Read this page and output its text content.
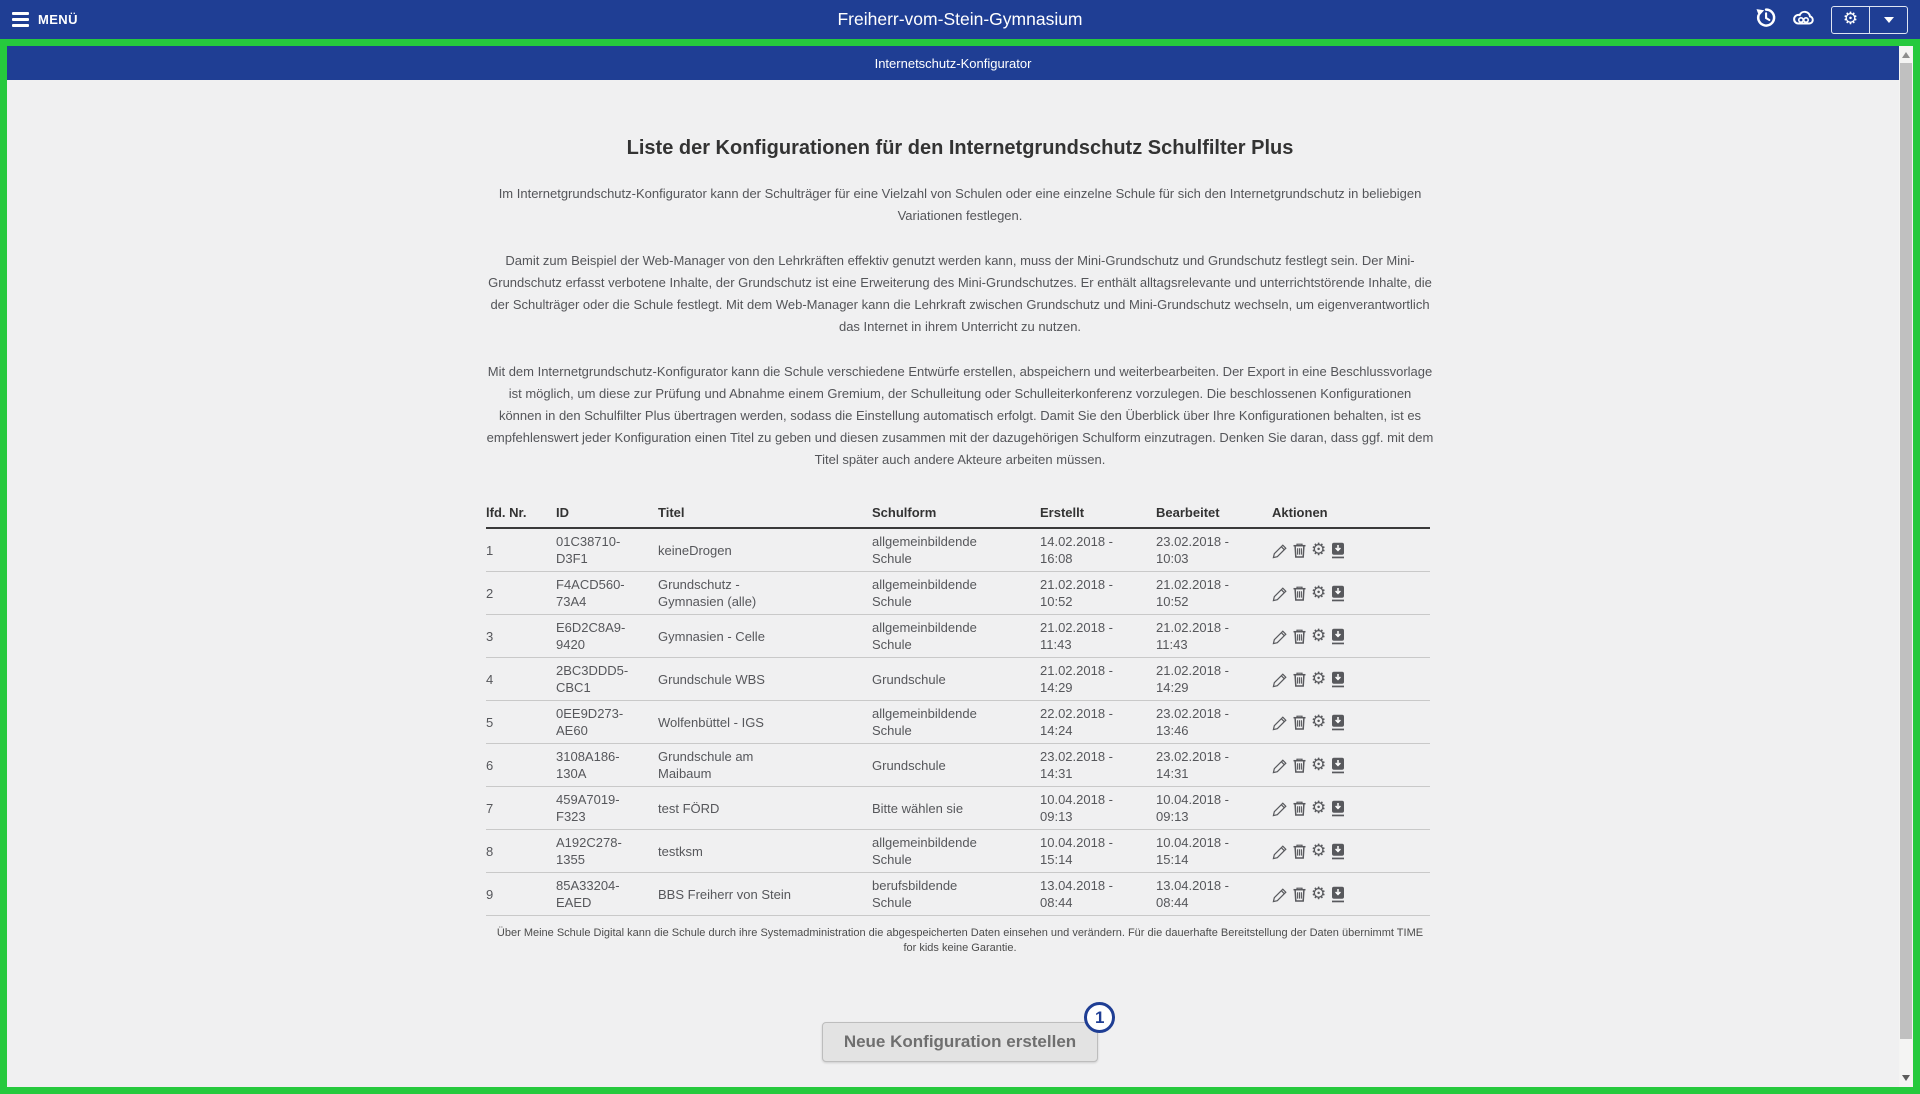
MENÜ	Freiherr-vom-Stein-Gymnasium	⚙
Internetschutz-Konfigurator
Liste der Konfigurationen für den Internetgrundschutz Schulfilter Plus

Im Internetgrundschutz-Konfigurator kann der Schulträger für eine Vielzahl von Schulen oder eine einzelne Schule für sich den Internetgrundschutz in beliebigen Variationen festlegen.

Damit zum Beispiel der Web-Manager von den Lehrkräften effektiv genutzt werden kann, muss der Mini-Grundschutz und Grundschutz festlegt sein. Der Mini-Grundschutz erfasst verbotene Inhalte, der Grundschutz ist eine Erweiterung des Mini-Grundschutzes. Er enthält alltagsrelevante und unterrichtstörende Inhalte, die der Schulträger oder die Schule festlegt. Mit dem Web-Manager kann die Lehrkraft zwischen Grundschutz und Mini-Grundschutz wechseln, um eigenverantwortlich das Internet in ihrem Unterricht zu nutzen.

Mit dem Internetgrundschutz-Konfigurator kann die Schule verschiedene Entwürfe erstellen, abspeichern und weiterbearbeiten. Der Export in eine Beschlussvorlage ist möglich, um diese zur Prüfung und Abnahme einem Gremium, der Schulleitung oder Schulleiterkonferenz vorzulegen. Die beschlossenen Konfigurationen können in den Schulfilter Plus übertragen werden, sodass die Einstellung automatisch erfolgt. Damit Sie den Überblick über Ihre Konfigurationen behalten, ist es empfehlenswert jeder Konfiguration einen Titel zu geben und diesen zusammen mit der dazugehörigen Schulform einzutragen. Denken Sie daran, dass ggf. mit dem Titel später auch andere Akteure arbeiten müssen.

lfd. Nr.	ID	Titel	Schulform	Erstellt	Bearbeitet	Aktionen
1	01C38710-D3F1	keineDrogen	allgemeinbildende Schule	14.02.2018 - 16:08	23.02.2018 - 10:03	⚙
2	F4ACD560-73A4	Grundschutz - Gymnasien (alle)	allgemeinbildende Schule	21.02.2018 - 10:52	21.02.2018 - 10:52	⚙
3	E6D2C8A9-9420	Gymnasien - Celle	allgemeinbildende Schule	21.02.2018 - 11:43	21.02.2018 - 11:43	⚙
4	2BC3DDD5-CBC1	Grundschule WBS	Grundschule	21.02.2018 - 14:29	21.02.2018 - 14:29	⚙
5	0EE9D273-AE60	Wolfenbüttel - IGS	allgemeinbildende Schule	22.02.2018 - 14:24	23.02.2018 - 13:46	⚙
6	3108A186-130A	Grundschule am Maibaum	Grundschule	23.02.2018 - 14:31	23.02.2018 - 14:31	⚙
7	459A7019-F323	test FÖRD	Bitte wählen sie	10.04.2018 - 09:13	10.04.2018 - 09:13	⚙
8	A192C278-1355	testksm	allgemeinbildende Schule	10.04.2018 - 15:14	10.04.2018 - 15:14	⚙
9	85A33204-EAED	BBS Freiherr von Stein	berufsbildende Schule	13.04.2018 - 08:44	13.04.2018 - 08:44	⚙

Über Meine Schule Digital kann die Schule durch ihre Systemadministration die abgespeicherten Daten einsehen und verändern. Für die dauerhafte Bereitstellung der Daten übernimmt TIME for kids keine Garantie.

Neue Konfiguration erstellen
1
